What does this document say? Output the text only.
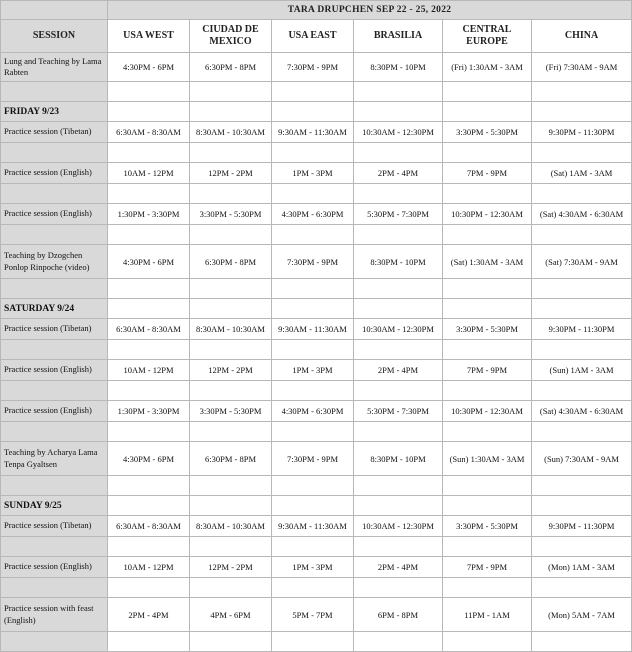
	TARA DRUPCHEN SEP 22 - 25, 2022					
SESSION	USA WEST	CIUDAD DE MEXICO	USA EAST	BRASILIA	CENTRAL EUROPE	CHINA
Lung and Teaching by Lama Rabten	4:30PM - 6PM	6:30PM - 8PM	7:30PM - 9PM	8:30PM - 10PM	(Fri) 1:30AM - 3AM	(Fri) 7:30AM - 9AM

FRIDAY 9/23						
Practice session (Tibetan)	6:30AM - 8:30AM	8:30AM - 10:30AM	9:30AM - 11:30AM	10:30AM - 12:30PM	3:30PM - 5:30PM	9:30PM - 11:30PM

Practice session (English)	10AM - 12PM	12PM - 2PM	1PM - 3PM	2PM - 4PM	7PM - 9PM	(Sat) 1AM - 3AM

Practice session (English)	1:30PM - 3:30PM	3:30PM - 5:30PM	4:30PM - 6:30PM	5:30PM - 7:30PM	10:30PM - 12:30AM	(Sat) 4:30AM - 6:30AM

Teaching by Dzogchen Ponlop Rinpoche (video)	4:30PM - 6PM	6:30PM - 8PM	7:30PM - 9PM	8:30PM - 10PM	(Sat) 1:30AM - 3AM	(Sat) 7:30AM - 9AM

SATURDAY 9/24						
Practice session (Tibetan)	6:30AM - 8:30AM	8:30AM - 10:30AM	9:30AM - 11:30AM	10:30AM - 12:30PM	3:30PM - 5:30PM	9:30PM - 11:30PM

Practice session (English)	10AM - 12PM	12PM - 2PM	1PM - 3PM	2PM - 4PM	7PM - 9PM	(Sun) 1AM - 3AM

Practice session (English)	1:30PM - 3:30PM	3:30PM - 5:30PM	4:30PM - 6:30PM	5:30PM - 7:30PM	10:30PM - 12:30AM	(Sat) 4:30AM - 6:30AM

Teaching by Acharya Lama Tenpa Gyaltsen	4:30PM - 6PM	6:30PM - 8PM	7:30PM - 9PM	8:30PM - 10PM	(Sun) 1:30AM - 3AM	(Sun) 7:30AM - 9AM

SUNDAY 9/25						
Practice session (Tibetan)	6:30AM - 8:30AM	8:30AM - 10:30AM	9:30AM - 11:30AM	10:30AM - 12:30PM	3:30PM - 5:30PM	9:30PM - 11:30PM

Practice session (English)	10AM - 12PM	12PM - 2PM	1PM - 3PM	2PM - 4PM	7PM - 9PM	(Mon) 1AM - 3AM

Practice session with feast (English)	2PM - 4PM	4PM - 6PM	5PM - 7PM	6PM - 8PM	11PM - 1AM	(Mon) 5AM - 7AM
